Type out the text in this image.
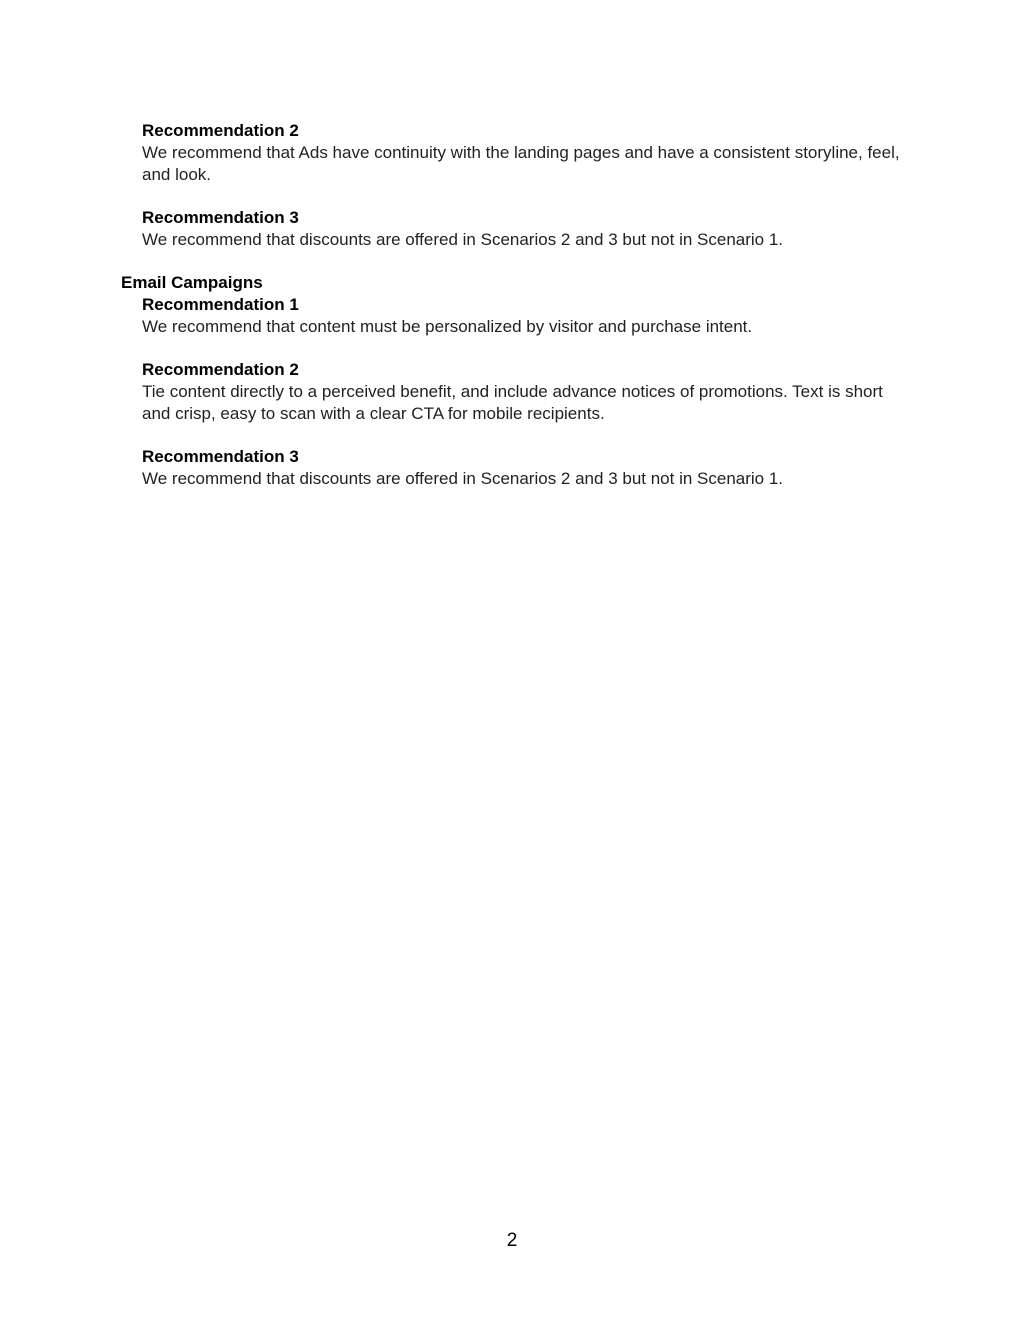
Recommendation 2

We recommend that Ads have continuity with the landing pages and have a consistent storyline, feel, and look.

Recommendation 3

We recommend that discounts are offered in Scenarios 2 and 3 but not in Scenario 1.

Email Campaigns

Recommendation 1

We recommend that content must be personalized by visitor and purchase intent.

Recommendation 2

Tie content directly to a perceived benefit, and include advance notices of promotions. Text is short and crisp, easy to scan with a clear CTA for mobile recipients.

Recommendation 3

We recommend that discounts are offered in Scenarios 2 and 3 but not in Scenario 1.

2
